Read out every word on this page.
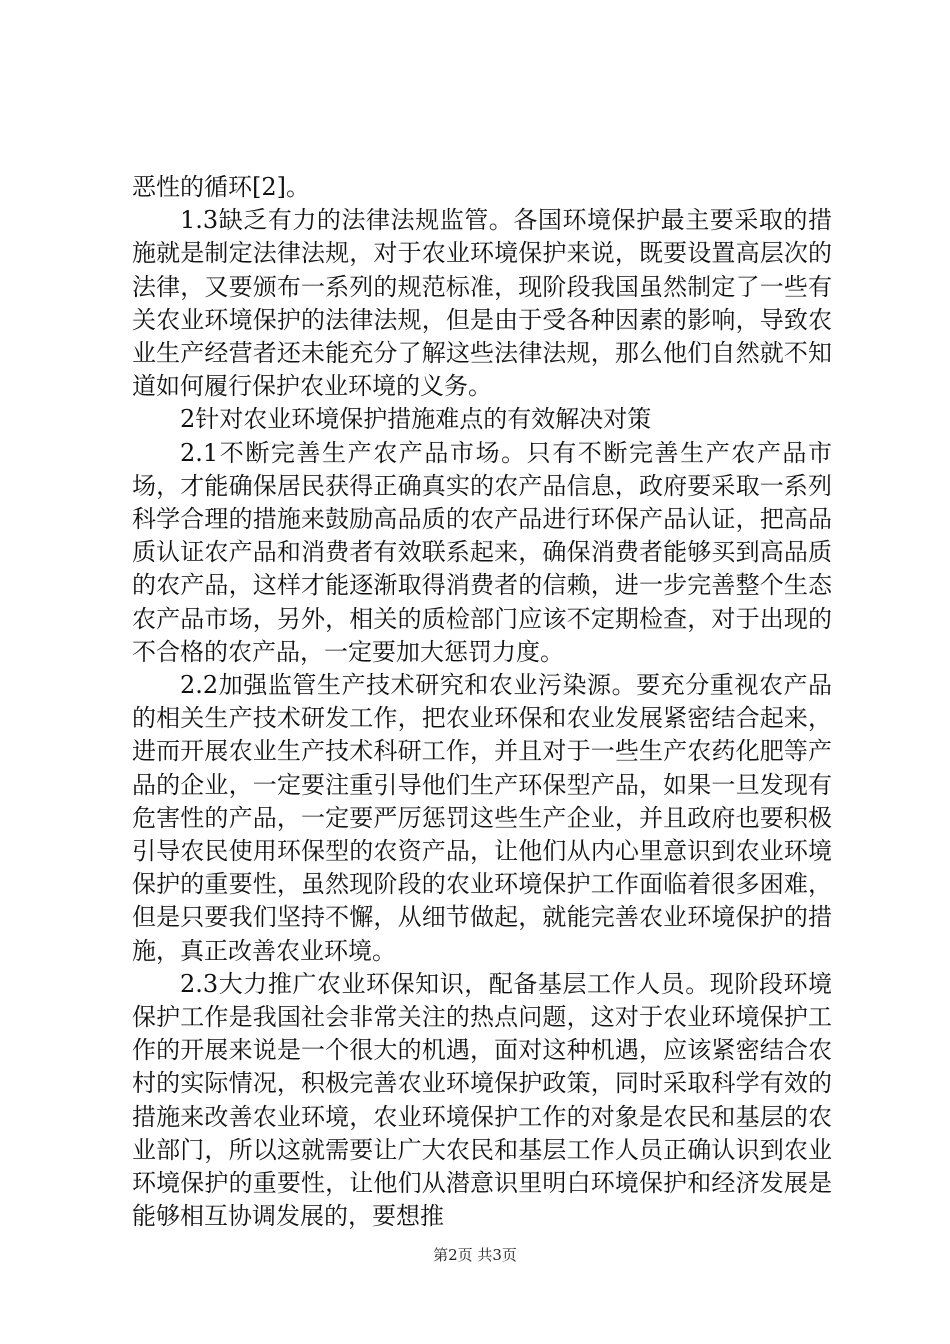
恶性的循环[2]。

1.3缺乏有力的法律法规监管。各国环境保护最主要采取的措施就是制定法律法规，对于农业环境保护来说，既要设置高层次的法律，又要颁布一系列的规范标准，现阶段我国虽然制定了一些有关农业环境保护的法律法规，但是由于受各种因素的影响，导致农业生产经营者还未能充分了解这些法律法规，那么他们自然就不知道如何履行保护农业环境的义务。

2针对农业环境保护措施难点的有效解决对策

2.1不断完善生产农产品市场。只有不断完善生产农产品市场，才能确保居民获得正确真实的农产品信息，政府要采取一系列科学合理的措施来鼓励高品质的农产品进行环保产品认证，把高品质认证农产品和消费者有效联系起来，确保消费者能够买到高品质的农产品，这样才能逐渐取得消费者的信赖，进一步完善整个生态农产品市场，另外，相关的质检部门应该不定期检查，对于出现的不合格的农产品，一定要加大惩罚力度。

2.2加强监管生产技术研究和农业污染源。要充分重视农产品的相关生产技术研发工作，把农业环保和农业发展紧密结合起来，进而开展农业生产技术科研工作，并且对于一些生产农药化肥等产品的企业，一定要注重引导他们生产环保型产品，如果一旦发现有危害性的产品，一定要严厉惩罚这些生产企业，并且政府也要积极引导农民使用环保型的农资产品，让他们从内心里意识到农业环境保护的重要性，虽然现阶段的农业环境保护工作面临着很多困难，但是只要我们坚持不懈，从细节做起，就能完善农业环境保护的措施，真正改善农业环境。

2.3大力推广农业环保知识，配备基层工作人员。现阶段环境保护工作是我国社会非常关注的热点问题，这对于农业环境保护工作的开展来说是一个很大的机遇，面对这种机遇，应该紧密结合农村的实际情况，积极完善农业环境保护政策，同时采取科学有效的措施来改善农业环境，农业环境保护工作的对象是农民和基层的农业部门，所以这就需要让广大农民和基层工作人员正确认识到农业环境保护的重要性，让他们从潜意识里明白环境保护和经济发展是能够相互协调发展的，要想推

第2页 共3页
